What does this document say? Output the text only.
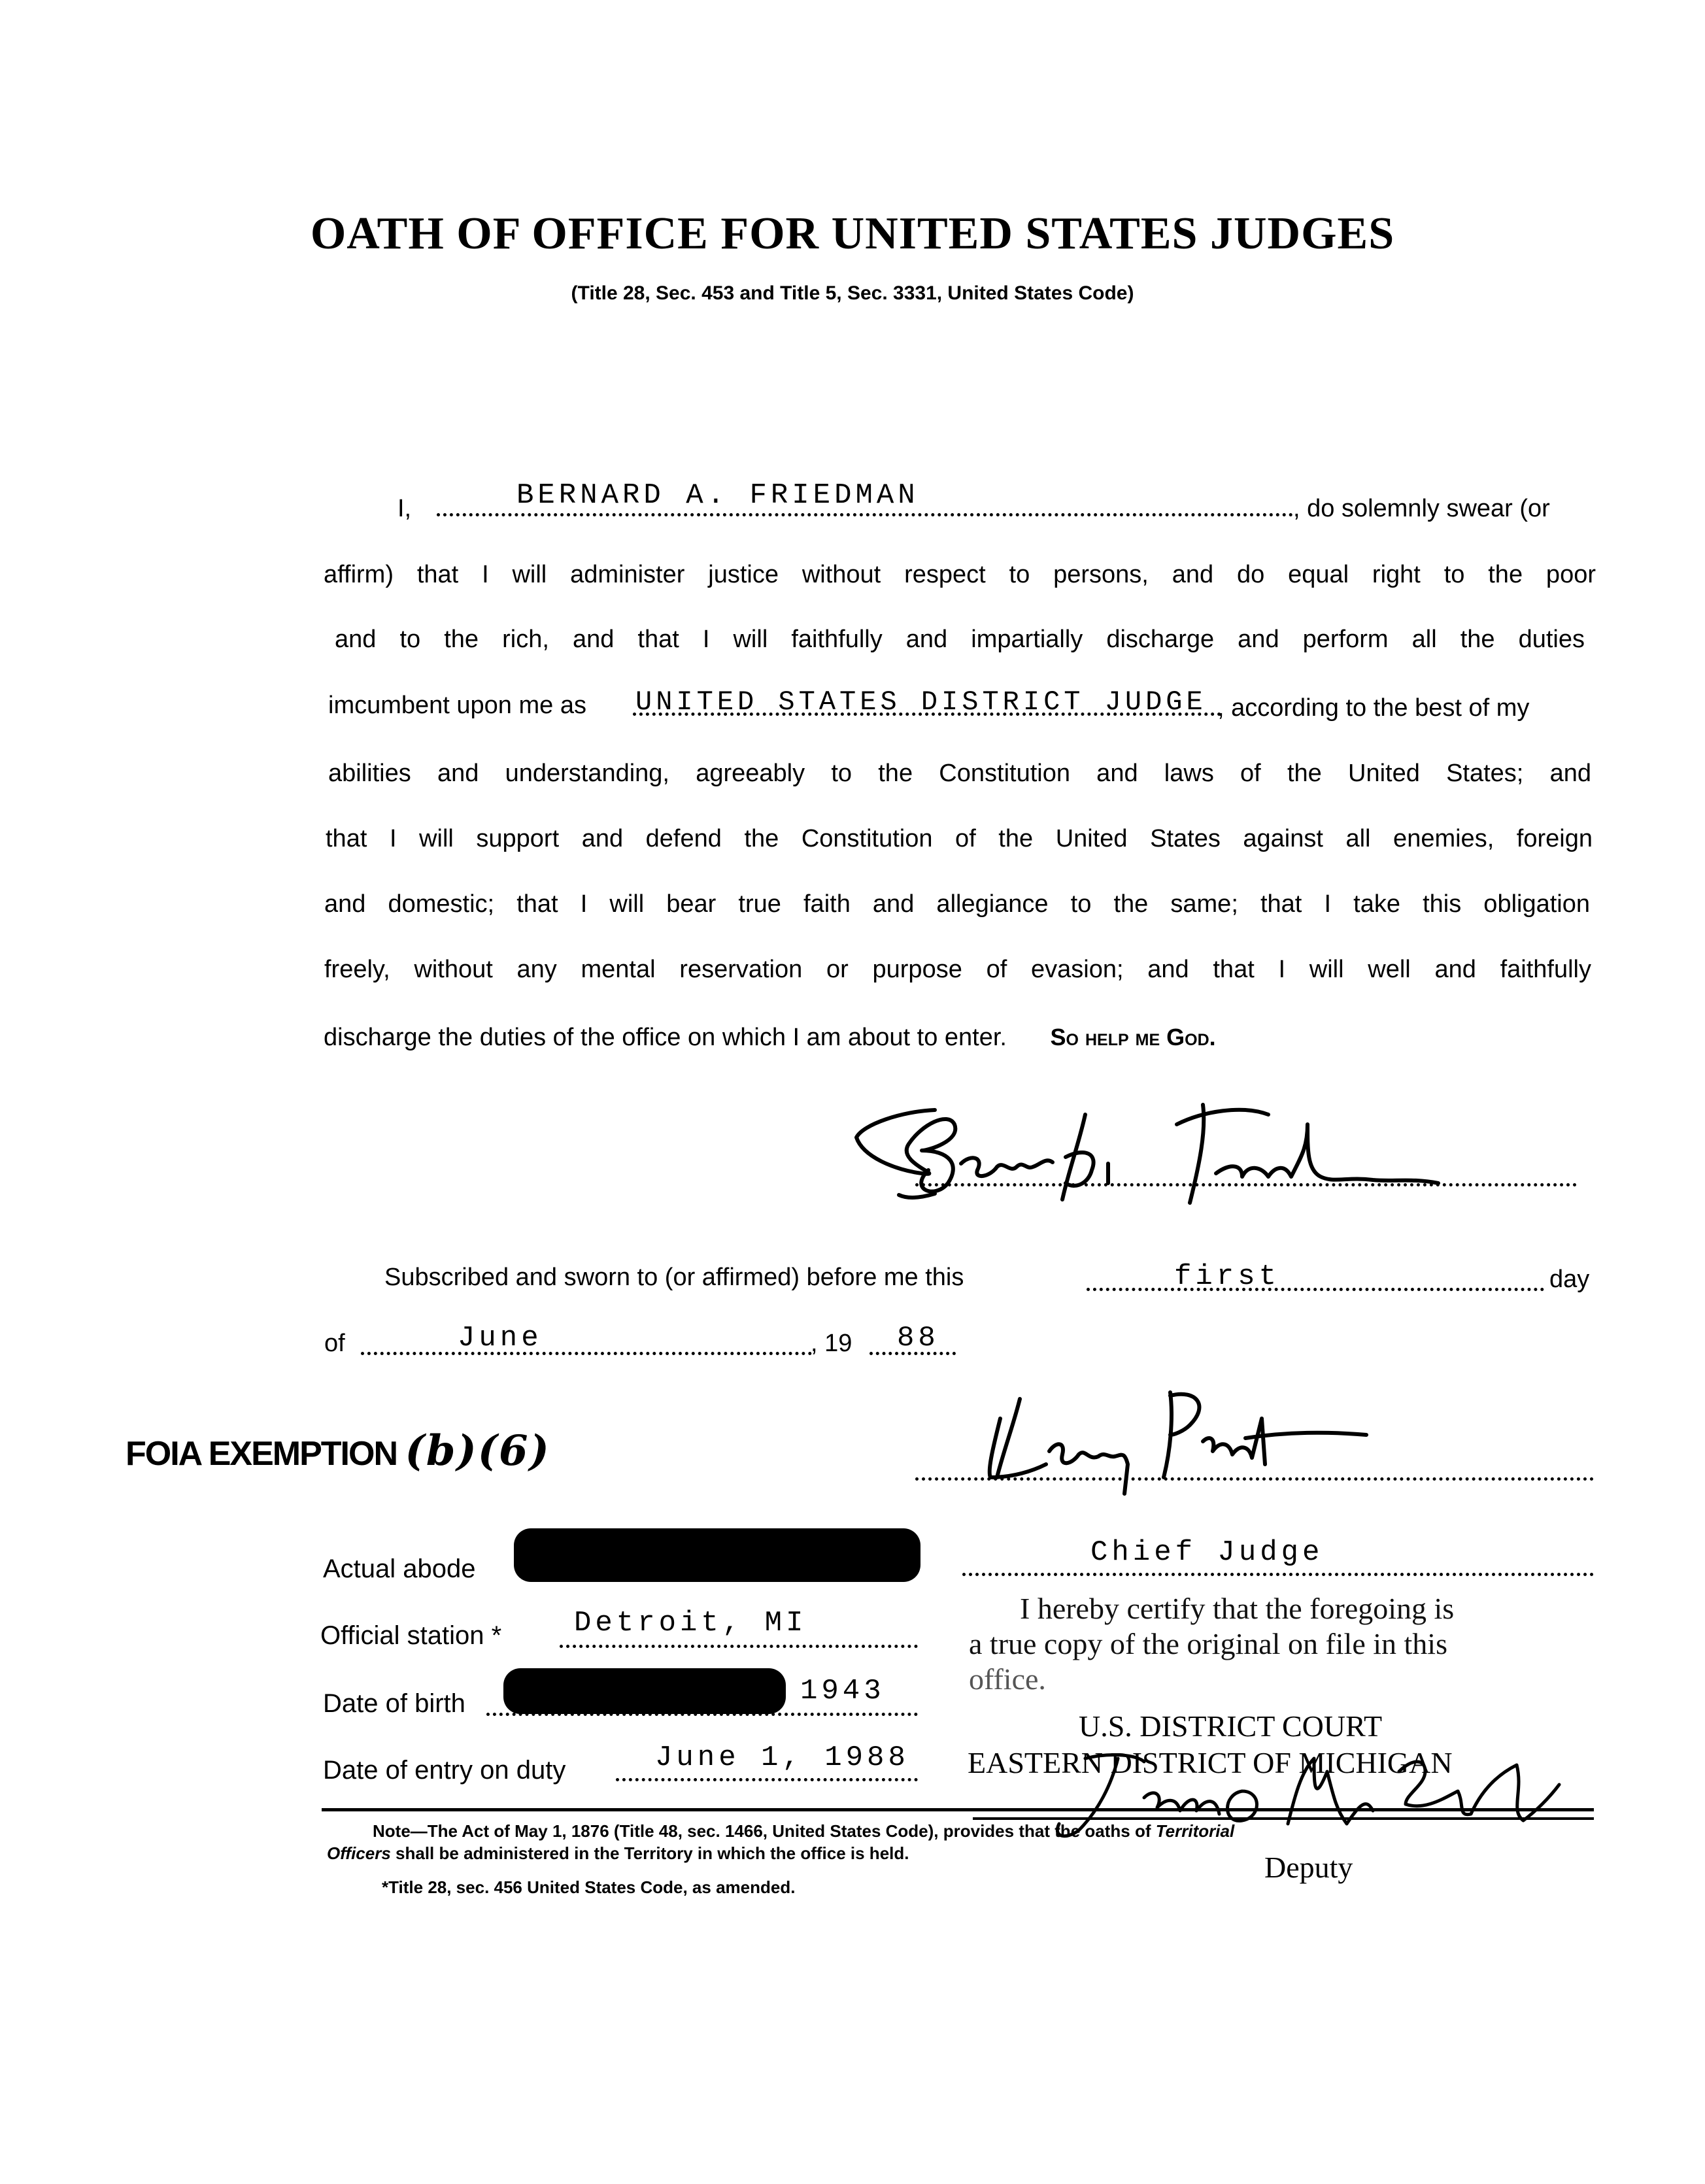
OATH OF OFFICE FOR UNITED STATES JUDGES
(Title 28, Sec. 453 and Title 5, Sec. 3331, United States Code)
I,	BERNARD A. FRIEDMAN	, do solemnly swear (or
affirm) that I will administer justice without respect to persons, and do equal right to the poor
and to the rich, and that I will faithfully and impartially discharge and perform all the duties
imcumbent upon me as UNITED STATES DISTRICT JUDGE , according to the best of my
abilities and understanding, agreeably to the Constitution and laws of the United States; and
that I will support and defend the Constitution of the United States against all enemies, foreign
and domestic; that I will bear true faith and allegiance to the same; that I take this obligation
freely, without any mental reservation or purpose of evasion; and that I will well and faithfully
discharge the duties of the office on which I am about to enter. So help me God.
Subscribed and sworn to (or affirmed) before me this	first	day
of	June	, 19 88
FOIA EXEMPTION (b)(6)
Chief Judge
Actual abode
Official station *	Detroit, MI
Date of birth	1943
Date of entry on duty	June 1, 1988
I hereby certify that the foregoing is
a true copy of the original on file in this
office.
U.S. DISTRICT COURT
EASTERN DISTRICT OF MICHIGAN
Note—The Act of May 1, 1876 (Title 48, sec. 1466, United States Code), provides that the oaths of Territorial
Officers shall be administered in the Territory in which the office is held.	Deputy
*Title 28, sec. 456 United States Code, as amended.
